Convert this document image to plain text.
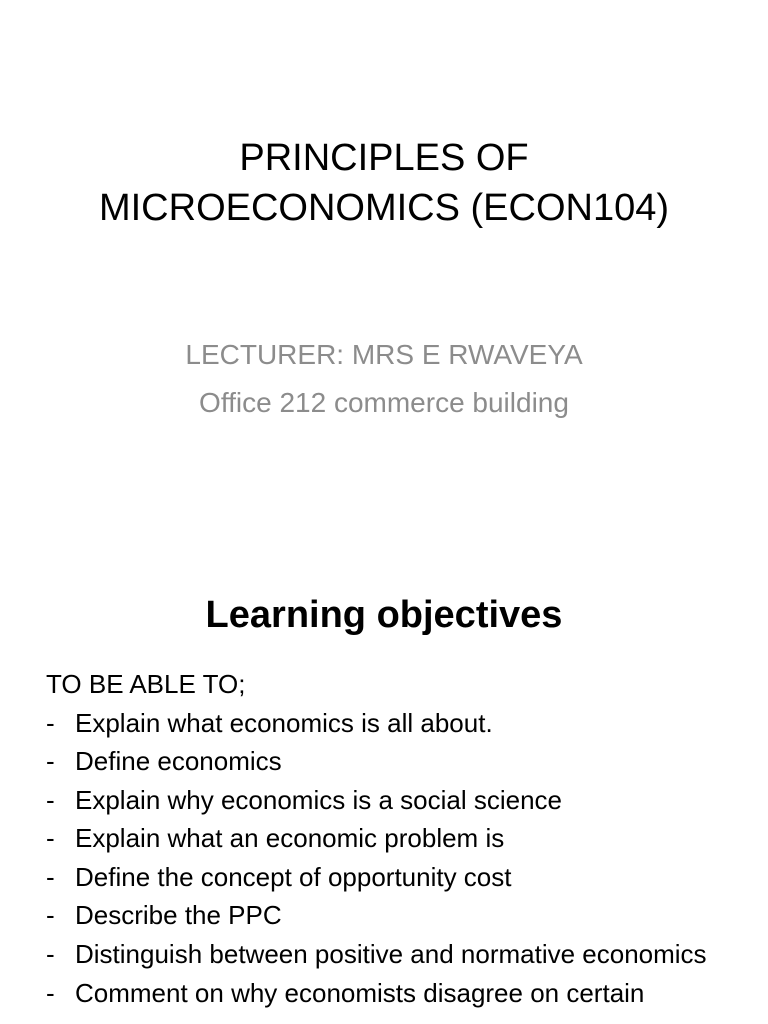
PRINCIPLES OF
MICROECONOMICS (ECON104)
LECTURER: MRS E RWAVEYA
Office 212 commerce building
Learning objectives
TO BE ABLE TO;
- Explain what economics is all about.
- Define economics
- Explain why economics is a social science
- Explain what an economic problem is
- Define the concept of opportunity cost
- Describe the PPC
- Distinguish between positive and normative economics
- Comment on why economists disagree on certain
